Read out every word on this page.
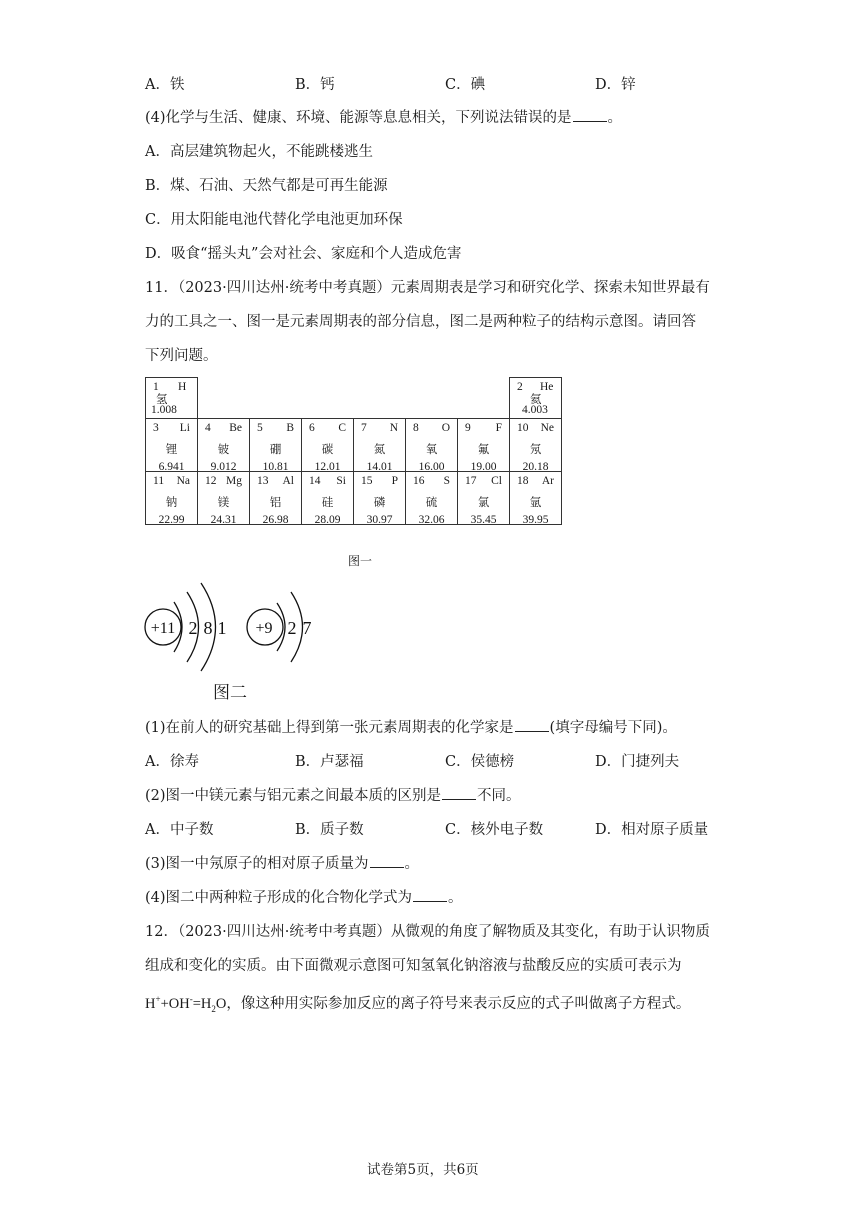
A．铁	B．钙	C．碘	D．锌
(4)化学与生活、健康、环境、能源等息息相关，下列说法错误的是 。
A．高层建筑物起火，不能跳楼逃生
B．煤、石油、天然气都是可再生能源
C．用太阳能电池代替化学电池更加环保
D．吸食“摇头丸”会对社会、家庭和个人造成危害
11．（2023·四川达州·统考中考真题）元素周期表是学习和研究化学、探索未知世界最有
力的工具之一、图一是元素周期表的部分信息，图二是两种粒子的结构示意图。请回答
下列问题。
1 H
氢
1.008							2 He
氦
4.003

3 Li
锂
6.941	4 Be
铍
9.012	5 B
硼
10.81	6 C
碳
12.01	7 N
氮
14.01	8 O
氧
16.00	9 F
氟
19.00	10 Ne
氖
20.18

11 Na
钠
22.99	12 Mg
镁
24.31	13 Al
铝
26.98	14 Si
硅
28.09	15 P
磷
30.97	16 S
硫
32.06	17 Cl
氯
35.45	18 Ar
氩
39.95
图一
+11 2 8 1 +9 2 7
图二
(1)在前人的研究基础上得到第一张元素周期表的化学家是 (填字母编号下同)。
A．徐寿	B．卢瑟福	C．侯德榜	D．门捷列夫
(2)图一中镁元素与铝元素之间最本质的区别是 不同。
A．中子数	B．质子数	C．核外电子数	D．相对原子质量
(3)图一中氖原子的相对原子质量为 。
(4)图二中两种粒子形成的化合物化学式为 。
12．（2023·四川达州·统考中考真题）从微观的角度了解物质及其变化，有助于认识物质
组成和变化的实质。由下面微观示意图可知氢氧化钠溶液与盐酸反应的实质可表示为
$H^++OH^-=H_2O$，像这种用实际参加反应的离子符号来表示反应的式子叫做离子方程式。
试卷第5页，共6页
